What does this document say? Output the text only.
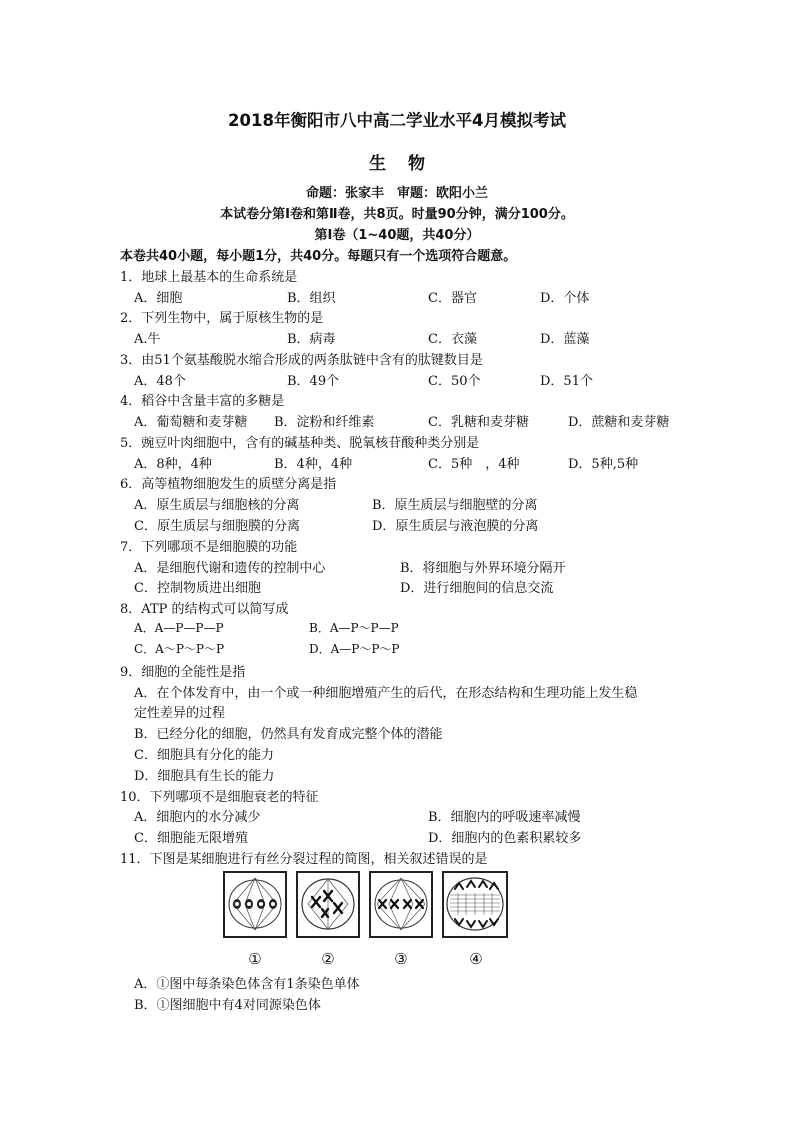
2018年衡阳市八中高二学业水平4月模拟考试
生物
命题：张家丰　审题：欧阳小兰
本试卷分第Ⅰ卷和第Ⅱ卷，共8页。时量90分钟，满分100分。
第Ⅰ卷（1~40题，共40分）
本卷共40小题，每小题1分，共40分。每题只有一个选项符合题意。
1．地球上最基本的生命系统是
A．细胞	B．组织	C．器官	D．个体
2．下列生物中，属于原核生物的是
A.牛	B．病毒	C．衣藻	D．蓝藻
3．由51个氨基酸脱水缩合形成的两条肽链中含有的肽键数目是
A．48个	B．49个	C．50个	D．51个
4．稻谷中含量丰富的多糖是
A．葡萄糖和麦芽糖 B．淀粉和纤维素	C．乳糖和麦芽糖	D．蔗糖和麦芽糖
5．豌豆叶肉细胞中，含有的碱基种类、脱氧核苷酸种类分别是
A．8种，4种	B．4种，4种	C．5种　，4种	D．5种,5种
6．高等植物细胞发生的质壁分离是指
A．原生质层与细胞核的分离	B．原生质层与细胞壁的分离
C．原生质层与细胞膜的分离	D．原生质层与液泡膜的分离
7．下列哪项不是细胞膜的功能
A．是细胞代谢和遗传的控制中心	B．将细胞与外界环境分隔开
C．控制物质进出细胞	D．进行细胞间的信息交流
8．ATP 的结构式可以简写成
A．A—P—P—P	B．A—P～P—P
C．A～P～P～P	D．A—P～P～P
9．细胞的全能性是指
A．在个体发育中，由一个或一种细胞增殖产生的后代，在形态结构和生理功能上发生稳
定性差异的过程
B．已经分化的细胞，仍然具有发育成完整个体的潜能
C．细胞具有分化的能力
D．细胞具有生长的能力
10．下列哪项不是细胞衰老的特征
A．细胞内的水分减少	B．细胞内的呼吸速率减慢
C．细胞能无限增殖	D．细胞内的色素积累较多
11．下图是某细胞进行有丝分裂过程的简图，相关叙述错误的是
①	②	③	④
A．①图中每条染色体含有1条染色单体
B．①图细胞中有4对同源染色体
